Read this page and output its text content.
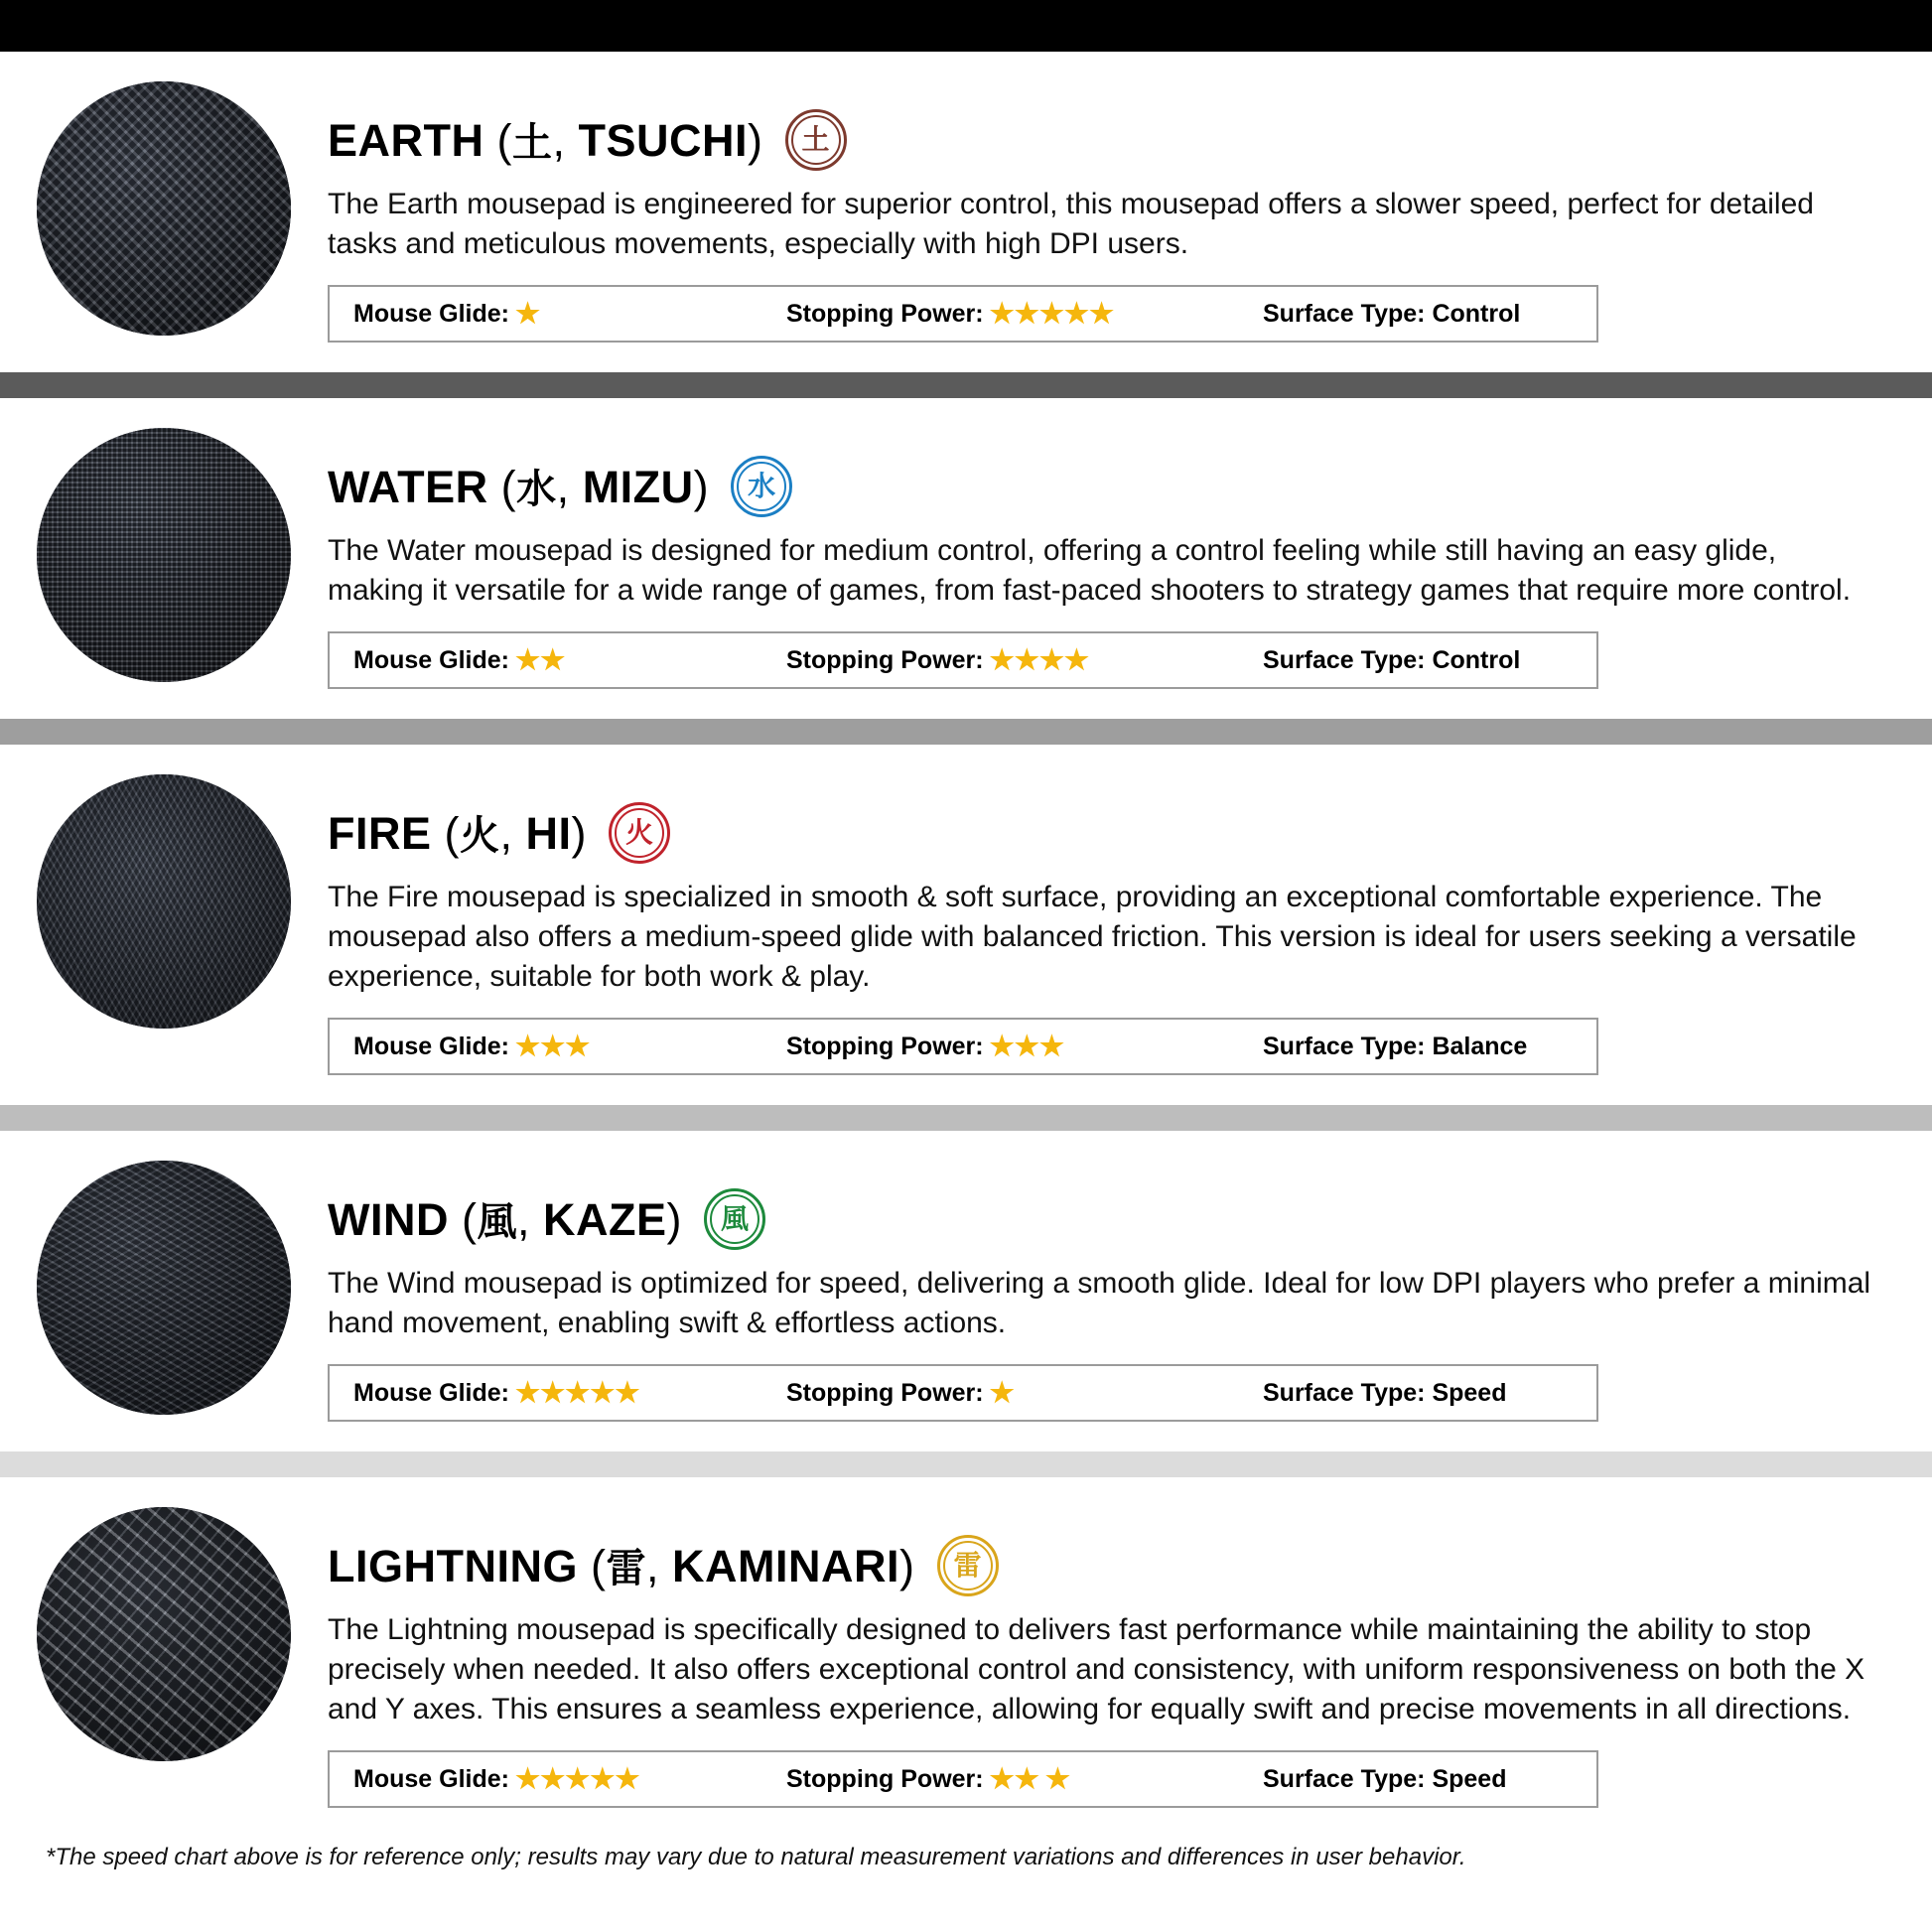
EARTH (土, TSUCHI) 土

The Earth mousepad is engineered for superior control, this mousepad offers a slower speed, perfect for detailed tasks and meticulous movements, especially with high DPI users.

Mouse Glide: ★	Stopping Power: ★★★★★	Surface Type:
Control
WATER (水, MIZU) 水

The Water mousepad is designed for medium control, offering a control feeling while still having an easy glide, making it versatile for a wide range of games, from fast-paced shooters to strategy games that require more control.

Mouse Glide: ★★	Stopping Power: ★★★★	Surface Type:
Control
FIRE (火, HI) 火

The Fire mousepad is specialized in smooth & soft surface, providing an exceptional comfortable experience. The mousepad also offers a medium-speed glide with balanced friction. This version is ideal for users seeking a versatile experience, suitable for both work & play.

Mouse Glide: ★★★	Stopping Power: ★★★	Surface Type:
Balance
WIND (風, KAZE) 風

The Wind mousepad is optimized for speed, delivering a smooth glide. Ideal for low DPI players who prefer a minimal hand movement, enabling swift & effortless actions.

Mouse Glide: ★★★★★	Stopping Power: ★	Surface Type:
Speed
LIGHTNING (雷, KAMINARI) 雷

The Lightning mousepad is specifically designed to delivers fast performance while maintaining the ability to stop precisely when needed. It also offers exceptional control and consistency, with uniform responsiveness on both the X and Y axes. This ensures a seamless experience, allowing for equally swift and precise movements in all directions.

Mouse Glide: ★★★★★	Stopping Power: ★★ ★	Surface Type:
Speed
*The speed chart above is for reference only; results may vary due to natural measurement variations and differences in user behavior.
